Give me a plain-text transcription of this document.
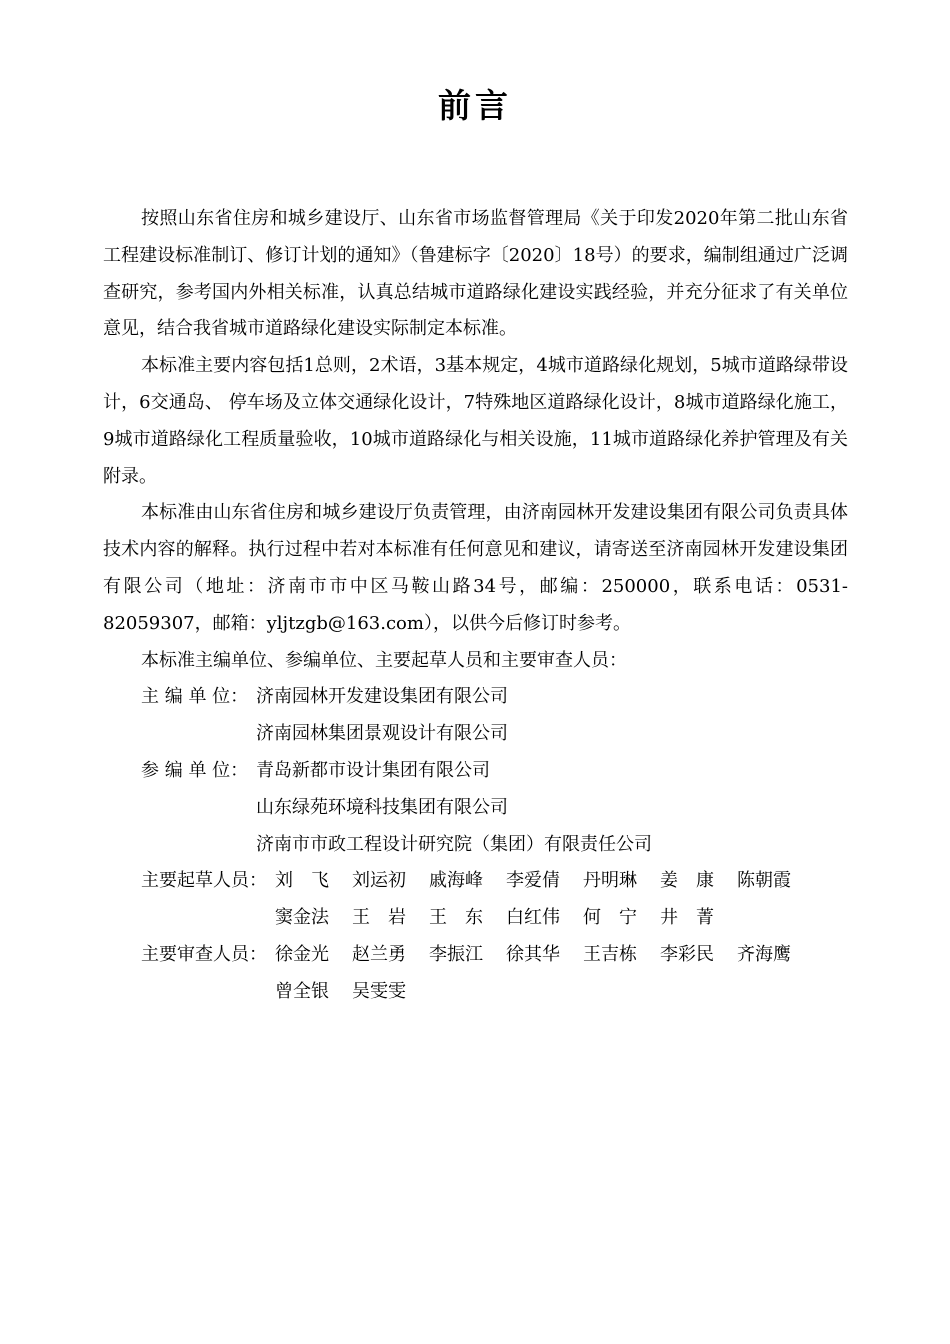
前言

按照山东省住房和城乡建设厅、山东省市场监督管理局《关于印发2020年第二批山东省工程建设标准制订、修订计划的通知》（鲁建标字〔2020〕18号）的要求，编制组通过广泛调查研究，参考国内外相关标准，认真总结城市道路绿化建设实践经验，并充分征求了有关单位意见，结合我省城市道路绿化建设实际制定本标准。

本标准主要内容包括1总则，2术语，3基本规定，4城市道路绿化规划，5城市道路绿带设计，6交通岛、 停车场及立体交通绿化设计，7特殊地区道路绿化设计，8城市道路绿化施工，9城市道路绿化工程质量验收，10城市道路绿化与相关设施，11城市道路绿化养护管理及有关附录。

本标准由山东省住房和城乡建设厅负责管理，由济南园林开发建设集团有限公司负责具体技术内容的解释。执行过程中若对本标准有任何意见和建议，请寄送至济南园林开发建设集团有限公司（地址：济南市市中区马鞍山路34号，邮编：250000，联系电话：0531-82059307，邮箱：yljtzgb@163.com），以供今后修订时参考。

本标准主编单位、参编单位、主要起草人员和主要审查人员：

主 编 单 位： 济南园林开发建设集团有限公司
济南园林集团景观设计有限公司
参 编 单 位： 青岛新都市设计集团有限公司
山东绿苑环境科技集团有限公司
济南市市政工程设计研究院（集团）有限责任公司
主要起草人员： 刘　飞	刘运初	戚海峰	李爱倩	丹明琳	姜　康	陈朝霞
窦金法	王　岩	王　东	白红伟	何　宁	井　菁
主要审查人员： 徐金光	赵兰勇	李振江	徐其华	王吉栋	李彩民	齐海鹰
曾全银	吴雯雯
